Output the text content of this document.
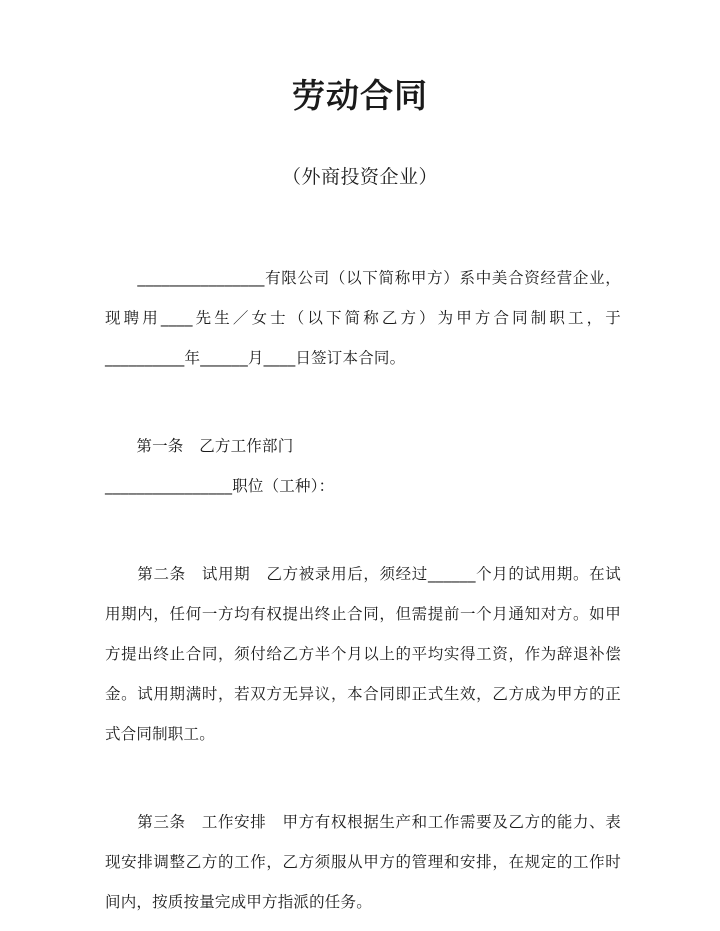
劳动合同
（外商投资企业）

　　________________有限公司（以下简称甲方）系中美合资经营企业，现聘用____先生／女士（以下简称乙方）为甲方合同制职工，于__________年______月____日签订本合同。

　　第一条　乙方工作部门

________________职位（工种）：

　　第二条　试用期　乙方被录用后，须经过______个月的试用期。在试用期内，任何一方均有权提出终止合同，但需提前一个月通知对方。如甲方提出终止合同，须付给乙方半个月以上的平均实得工资，作为辞退补偿金。试用期满时，若双方无异议，本合同即正式生效，乙方成为甲方的正式合同制职工。

　　第三条　工作安排　甲方有权根据生产和工作需要及乙方的能力、表现安排调整乙方的工作，乙方须服从甲方的管理和安排，在规定的工作时间内，按质按量完成甲方指派的任务。
